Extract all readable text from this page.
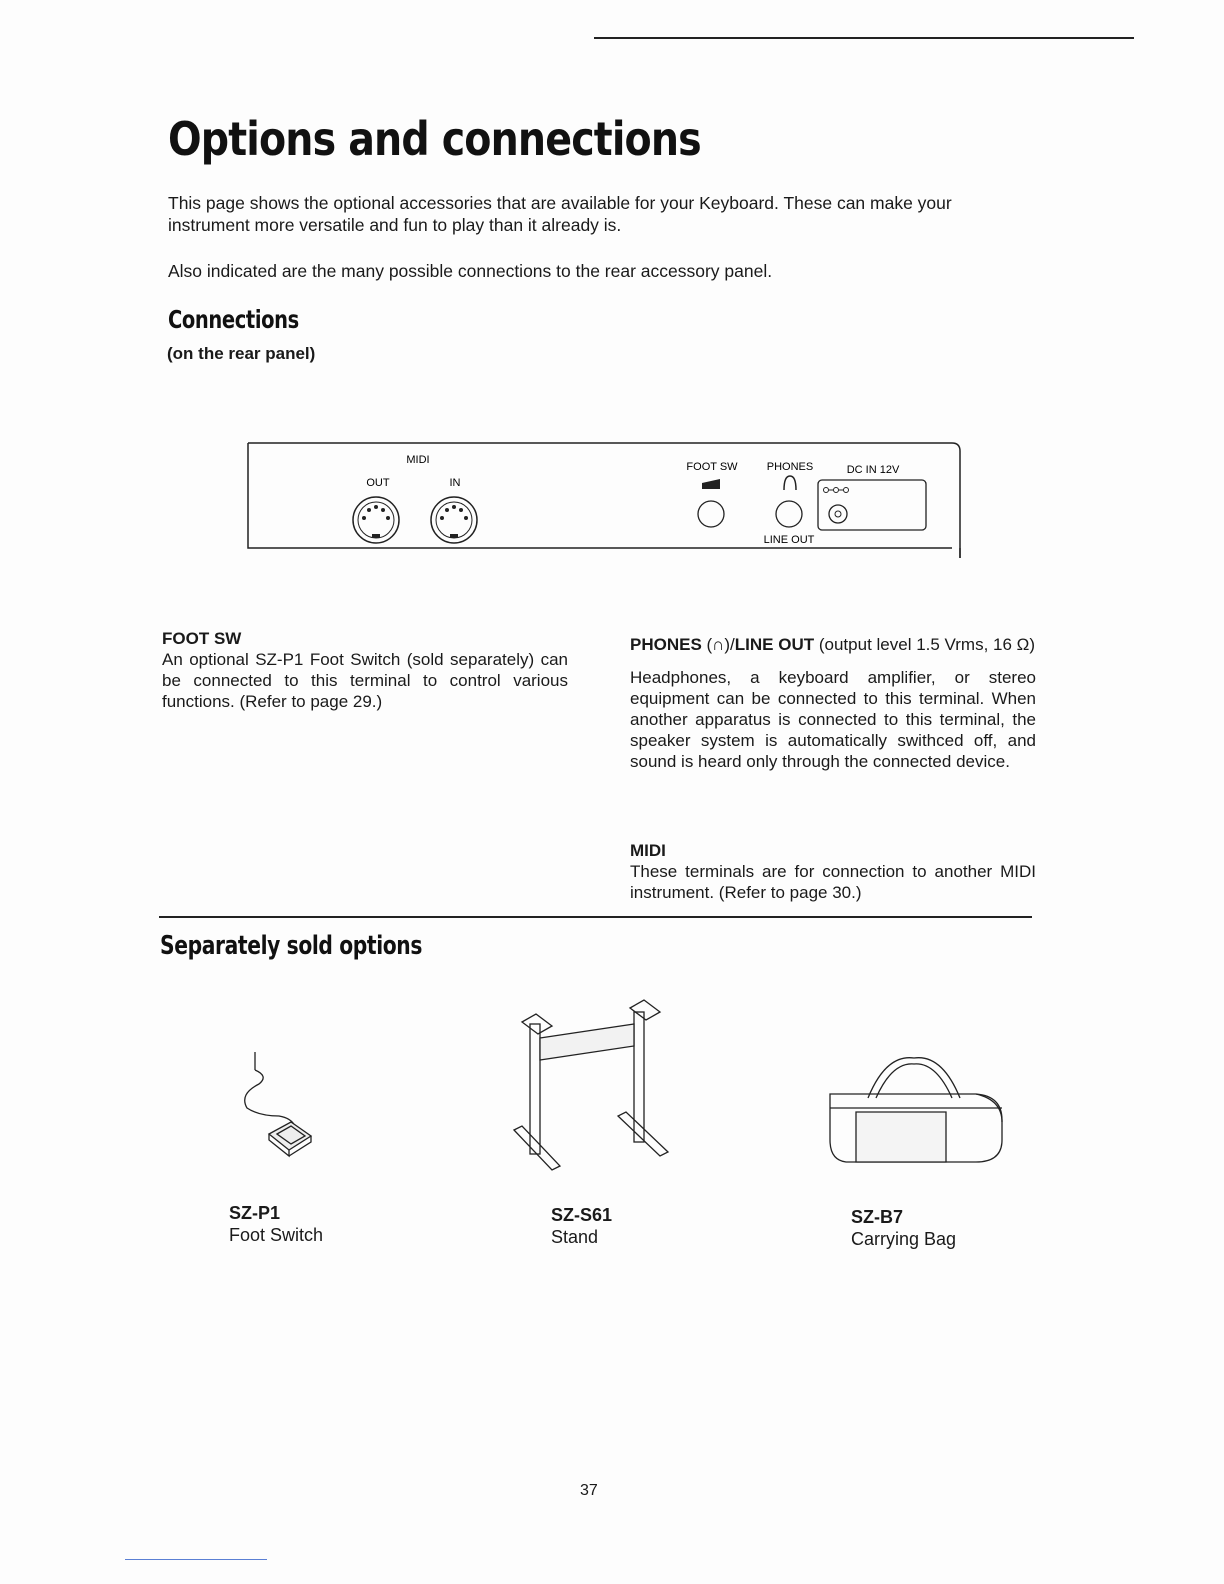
Options and connections

This page shows the optional accessories that are available for your Keyboard. These can make your instrument more versatile and fun to play than it already is.

Also indicated are the many possible connections to the rear accessory panel.

Connections

(on the rear panel)

MIDI
OUT	IN
FOOT SW	PHONES
LINE OUT
DC IN 12V
FOOT SW
An optional SZ-P1 Foot Switch (sold separately) can be connected to this terminal to control various functions. (Refer to page 29.)
PHONES (∩)/LINE OUT (output level 1.5 Vrms, 16 Ω)
Headphones, a keyboard amplifier, or stereo equipment can be connected to this terminal. When another apparatus is connected to this terminal, the speaker system is automatically swithced off, and sound is heard only through the connected device.
MIDI
These terminals are for connection to another MIDI instrument. (Refer to page 30.)
Separately sold options
SZ-P1
Foot Switch
SZ-S61
Stand
SZ-B7
Carrying Bag

37
